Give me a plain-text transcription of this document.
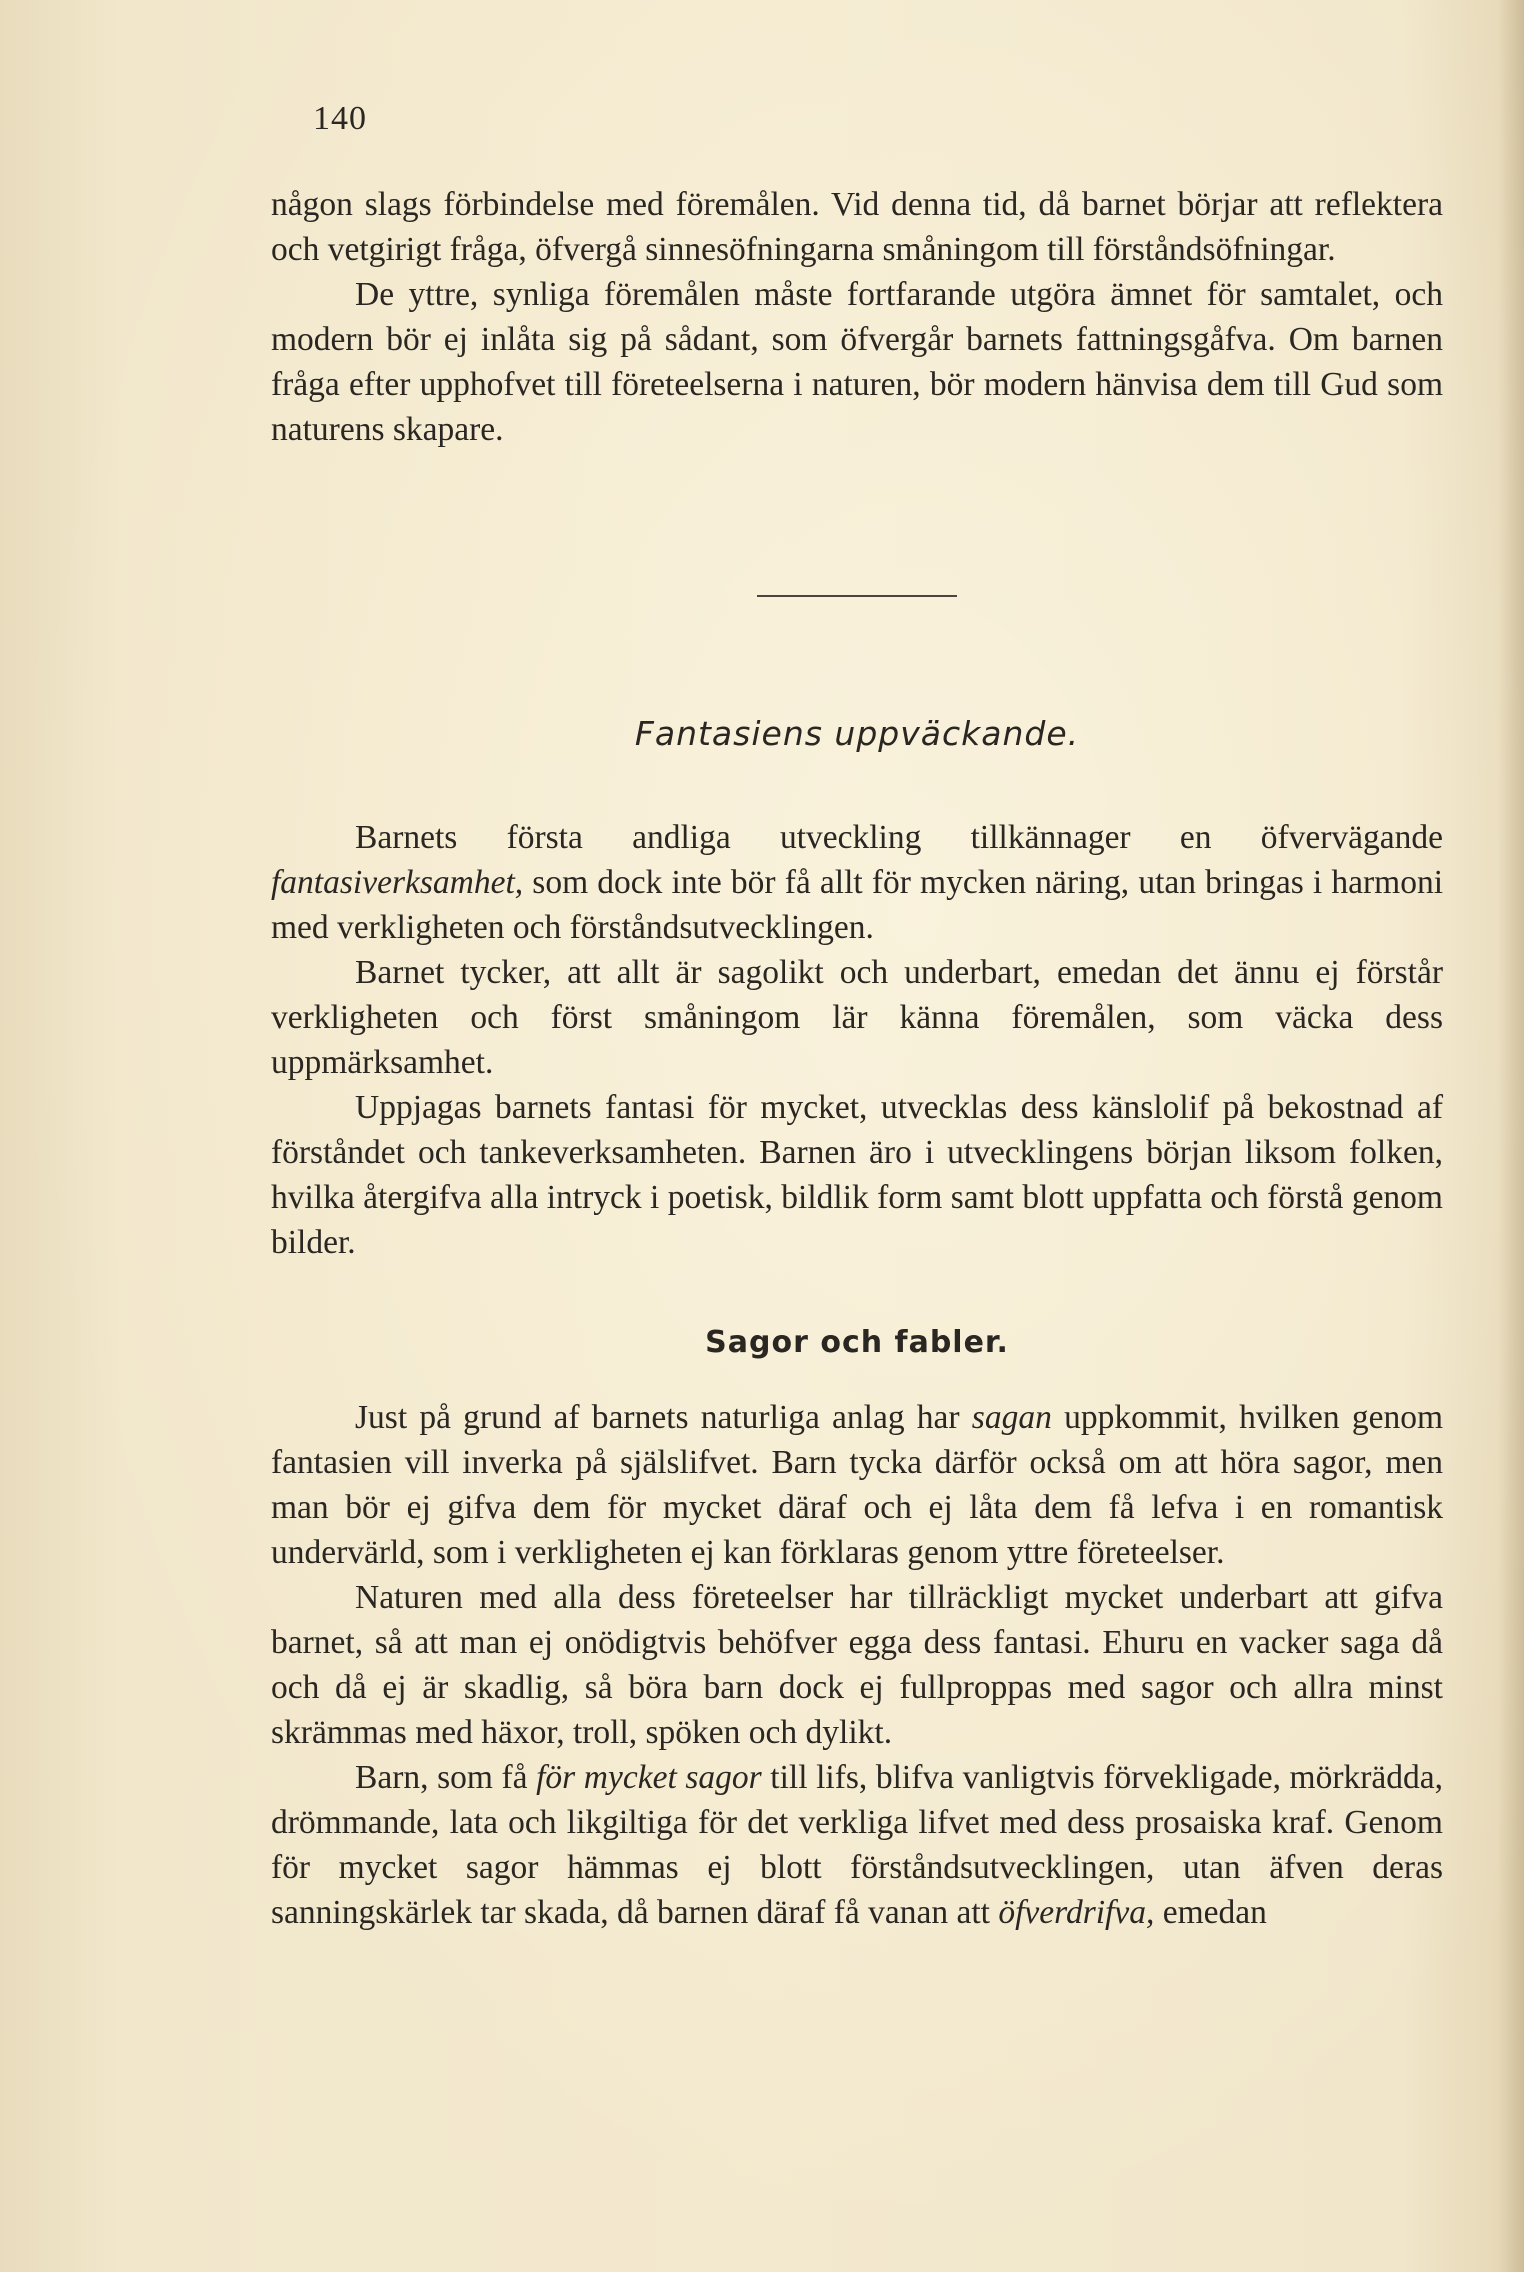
140

någon slags förbindelse med föremålen. Vid denna tid, då barnet börjar att reflektera och vetgirigt fråga, öfvergå sinnesöfningarna småningom till förståndsöfningar.

De yttre, synliga föremålen måste fortfarande utgöra ämnet för samtalet, och modern bör ej inlåta sig på sådant, som öfvergår barnets fattningsgåfva. Om barnen fråga efter upphofvet till företeelserna i naturen, bör modern hänvisa dem till Gud som naturens skapare.

Fantasiens uppväckande.

Barnets första andliga utveckling tillkännager en öfvervägande fantasiverksamhet, som dock inte bör få allt för mycken näring, utan bringas i harmoni med verkligheten och förståndsutvecklingen.

Barnet tycker, att allt är sagolikt och underbart, emedan det ännu ej förstår verkligheten och först småningom lär känna föremålen, som väcka dess uppmärksamhet.

Uppjagas barnets fantasi för mycket, utvecklas dess känslolif på bekostnad af förståndet och tankeverksamheten. Barnen äro i utvecklingens början liksom folken, hvilka återgifva alla intryck i poetisk, bildlik form samt blott uppfatta och förstå genom bilder.

Sagor och fabler.

Just på grund af barnets naturliga anlag har sagan uppkommit, hvilken genom fantasien vill inverka på själslifvet. Barn tycka därför också om att höra sagor, men man bör ej gifva dem för mycket däraf och ej låta dem få lefva i en romantisk undervärld, som i verkligheten ej kan förklaras genom yttre företeelser.

Naturen med alla dess företeelser har tillräckligt mycket underbart att gifva barnet, så att man ej onödigtvis behöfver egga dess fantasi. Ehuru en vacker saga då och då ej är skadlig, så böra barn dock ej fullproppas med sagor och allra minst skrämmas med häxor, troll, spöken och dylikt.

Barn, som få för mycket sagor till lifs, blifva vanligtvis förvekligade, mörkrädda, drömmande, lata och likgiltiga för det verkliga lifvet med dess prosaiska kraf. Genom för mycket sagor hämmas ej blott förståndsutvecklingen, utan äfven deras sanningskärlek tar skada, då barnen däraf få vanan att öfverdrifva, emedan
